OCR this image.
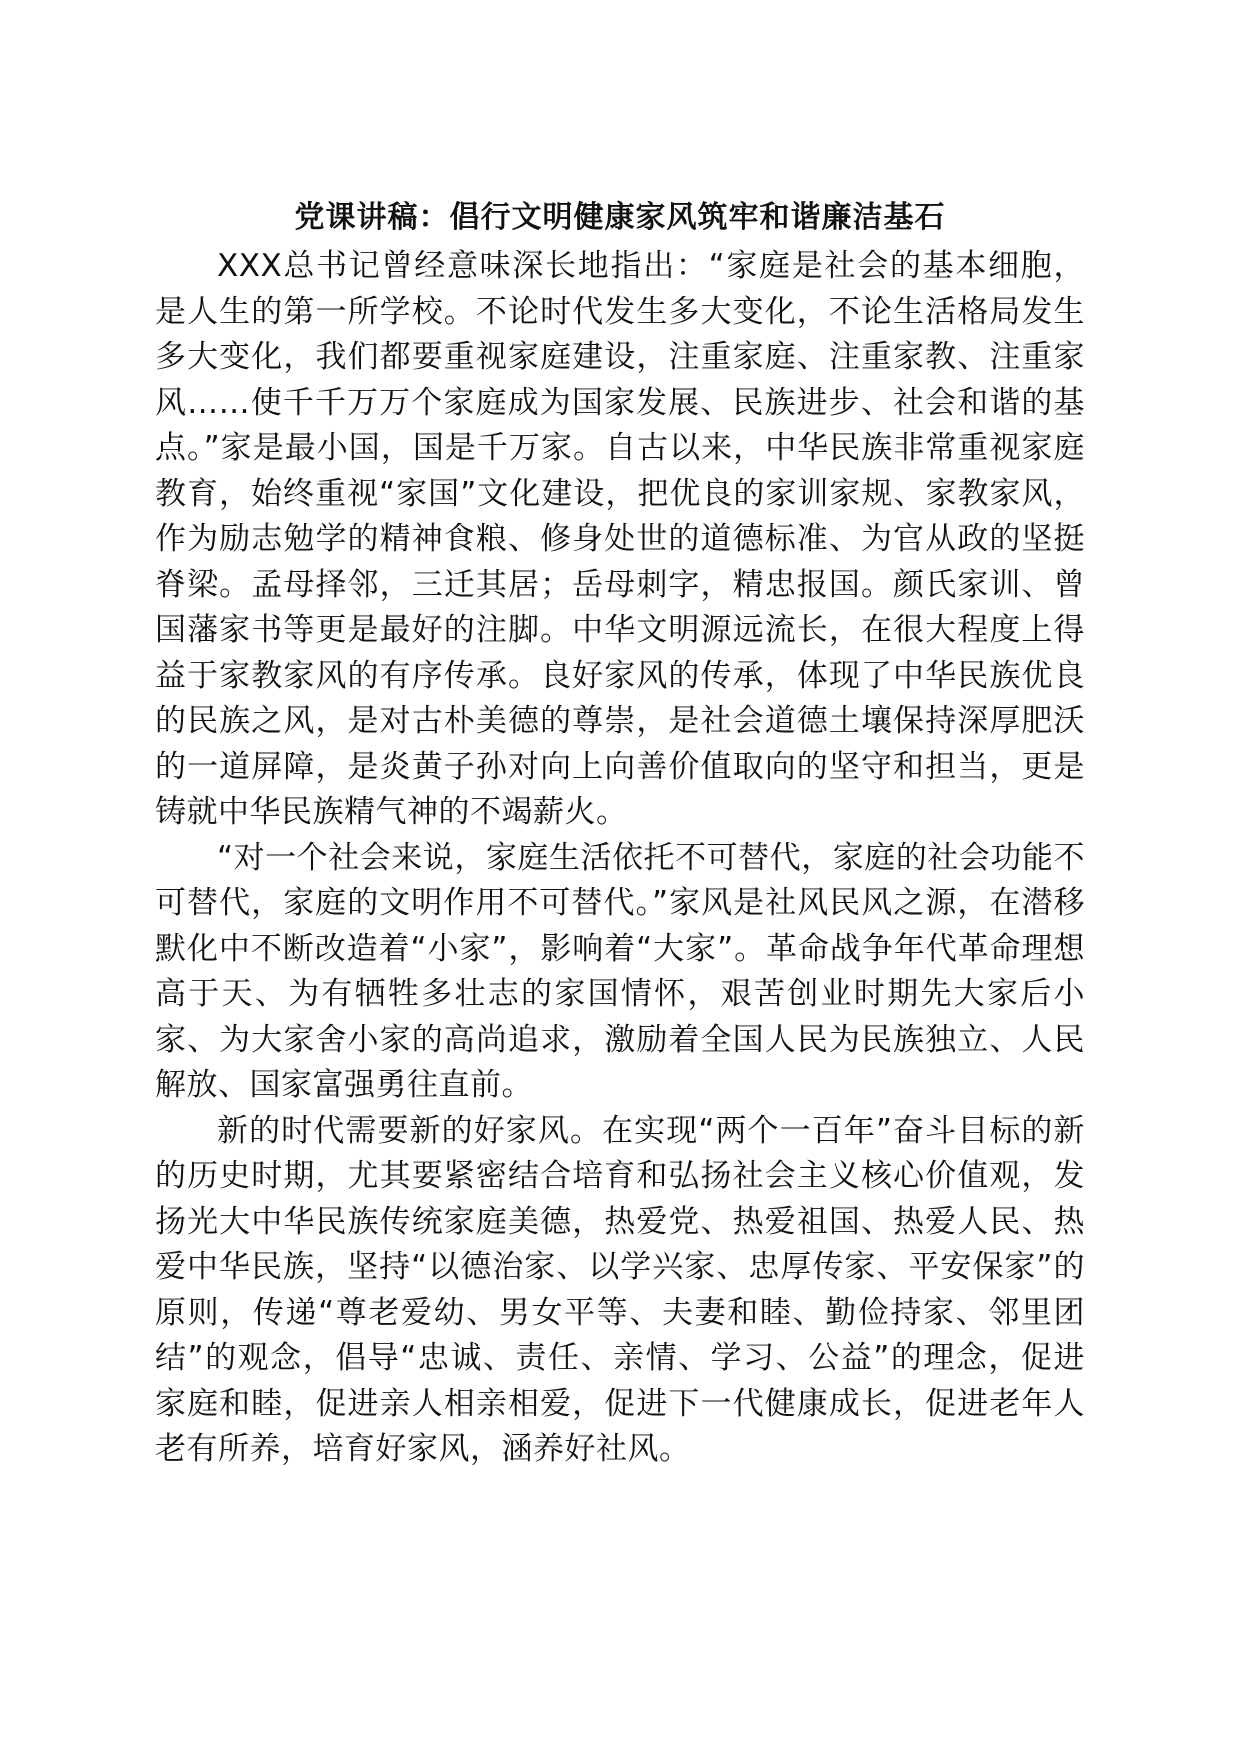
党课讲稿：倡行文明健康家风筑牢和谐廉洁基石

XXX总书记曾经意味深长地指出：“家庭是社会的基本细胞，是人生的第一所学校。不论时代发生多大变化，不论生活格局发生多大变化，我们都要重视家庭建设，注重家庭、注重家教、注重家风……使千千万万个家庭成为国家发展、民族进步、社会和谐的基点。”家是最小国，国是千万家。自古以来，中华民族非常重视家庭教育，始终重视“家国”文化建设，把优良的家训家规、家教家风，作为励志勉学的精神食粮、修身处世的道德标准、为官从政的坚挺脊梁。孟母择邻，三迁其居；岳母刺字，精忠报国。颜氏家训、曾国藩家书等更是最好的注脚。中华文明源远流长，在很大程度上得益于家教家风的有序传承。良好家风的传承，体现了中华民族优良的民族之风，是对古朴美德的尊崇，是社会道德土壤保持深厚肥沃的一道屏障，是炎黄子孙对向上向善价值取向的坚守和担当，更是铸就中华民族精气神的不竭薪火。

“对一个社会来说，家庭生活依托不可替代，家庭的社会功能不可替代，家庭的文明作用不可替代。”家风是社风民风之源，在潜移默化中不断改造着“小家”，影响着“大家”。革命战争年代革命理想高于天、为有牺牲多壮志的家国情怀，艰苦创业时期先大家后小家、为大家舍小家的高尚追求，激励着全国人民为民族独立、人民解放、国家富强勇往直前。

新的时代需要新的好家风。在实现“两个一百年”奋斗目标的新的历史时期，尤其要紧密结合培育和弘扬社会主义核心价值观，发扬光大中华民族传统家庭美德，热爱党、热爱祖国、热爱人民、热爱中华民族，坚持“以德治家、以学兴家、忠厚传家、平安保家”的原则，传递“尊老爱幼、男女平等、夫妻和睦、勤俭持家、邻里团结”的观念，倡导“忠诚、责任、亲情、学习、公益”的理念，促进家庭和睦，促进亲人相亲相爱，促进下一代健康成长，促进老年人老有所养，培育好家风，涵养好社风。
